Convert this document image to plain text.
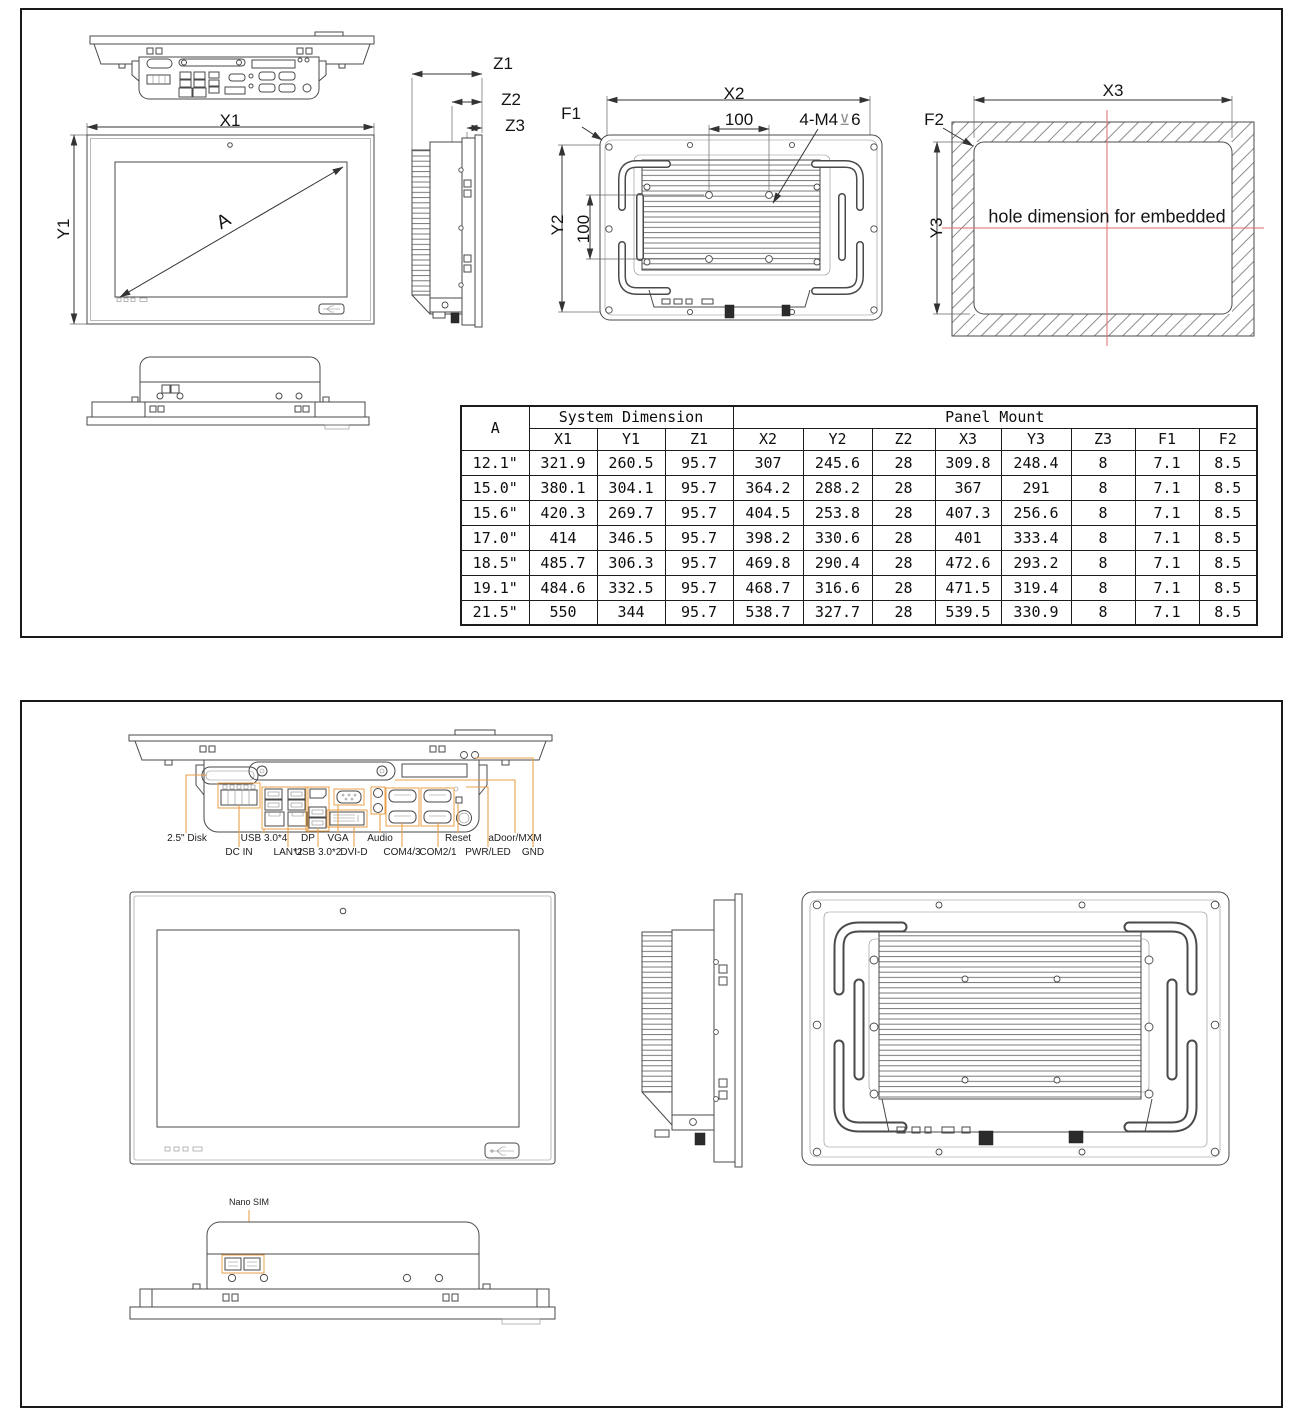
X1
Y1	A
Z1
Z2
Z3
X2
100	4-M4 ⊻ 6
F1
Y2 100
X3
Y3
F2
hole dimension for embedded
A	System Dimension			Panel Mount							
	X1	Y1	Z1	X2	Y2	Z2	X3	Y3	Z3	F1	F2
12.1"	321.9	260.5	95.7	307	245.6	28	309.8	248.4	8	7.1	8.5
15.0"	380.1	304.1	95.7	364.2	288.2	28	367	291	8	7.1	8.5
15.6"	420.3	269.7	95.7	404.5	253.8	28	407.3	256.6	8	7.1	8.5
17.0"	414	346.5	95.7	398.2	330.6	28	401	333.4	8	7.1	8.5
18.5"	485.7	306.3	95.7	469.8	290.4	28	472.6	293.2	8	7.1	8.5
19.1"	484.6	332.5	95.7	468.7	316.6	28	471.5	319.4	8	7.1	8.5
21.5"	550	344	95.7	538.7	327.7	28	539.5	330.9	8	7.1	8.5
2.5" Disk	USB 3.0*4 DP VGA Audio	Reset aDoor/MXM
DC IN LAN*2
USB 3.0*2 DVI-D COM4/3
COM2/1 PWR/LED GND
Nano SIM
